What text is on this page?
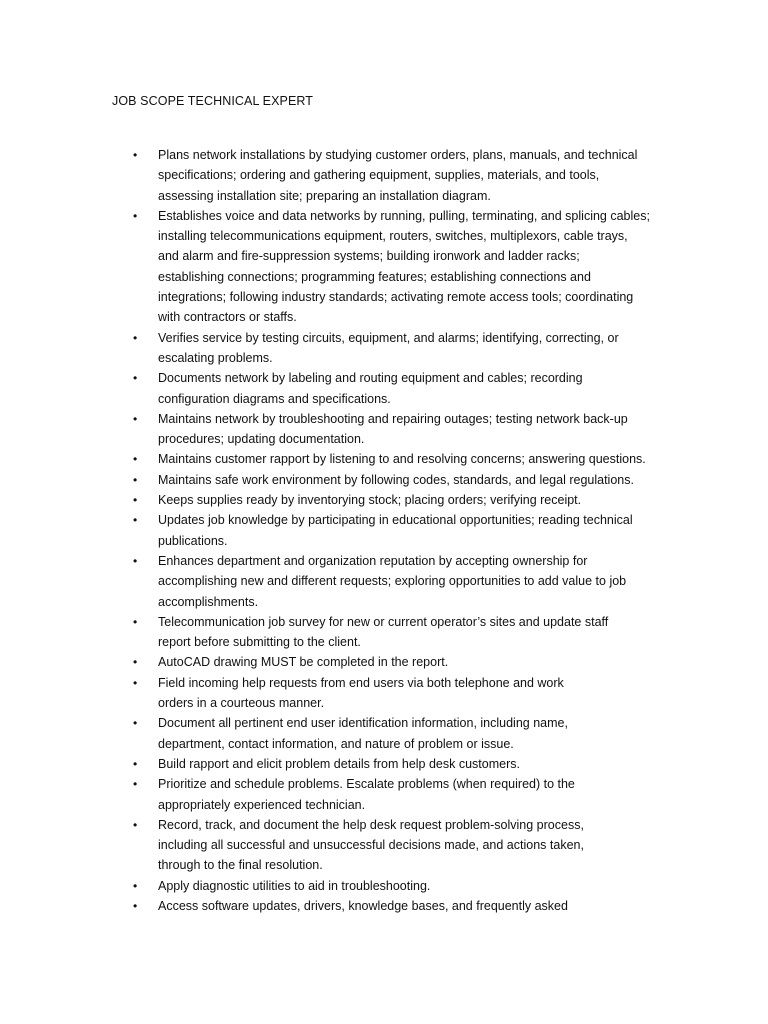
JOB SCOPE TECHNICAL EXPERT
• Plans network installations by studying customer orders, plans, manuals, and technical
specifications; ordering and gathering equipment, supplies, materials, and tools,
assessing installation site; preparing an installation diagram.
• Establishes voice and data networks by running, pulling, terminating, and splicing cables;
installing telecommunications equipment, routers, switches, multiplexors, cable trays,
and alarm and fire-suppression systems; building ironwork and ladder racks;
establishing connections; programming features; establishing connections and
integrations; following industry standards; activating remote access tools; coordinating
with contractors or staffs.
• Verifies service by testing circuits, equipment, and alarms; identifying, correcting, or
escalating problems.
• Documents network by labeling and routing equipment and cables; recording
configuration diagrams and specifications.
• Maintains network by troubleshooting and repairing outages; testing network back-up
procedures; updating documentation.
• Maintains customer rapport by listening to and resolving concerns; answering questions.
• Maintains safe work environment by following codes, standards, and legal regulations.
• Keeps supplies ready by inventorying stock; placing orders; verifying receipt.
• Updates job knowledge by participating in educational opportunities; reading technical
publications.
• Enhances department and organization reputation by accepting ownership for
accomplishing new and different requests; exploring opportunities to add value to job
accomplishments.
• Telecommunication job survey for new or current operator’s sites and update staff
report before submitting to the client.
• AutoCAD drawing MUST be completed in the report.
• Field incoming help requests from end users via both telephone and work
orders in a courteous manner.
• Document all pertinent end user identification information, including name,
department, contact information, and nature of problem or issue.
• Build rapport and elicit problem details from help desk customers.
• Prioritize and schedule problems. Escalate problems (when required) to the
appropriately experienced technician.
• Record, track, and document the help desk request problem-solving process,
including all successful and unsuccessful decisions made, and actions taken,
through to the final resolution.
• Apply diagnostic utilities to aid in troubleshooting.
• Access software updates, drivers, knowledge bases, and frequently asked
